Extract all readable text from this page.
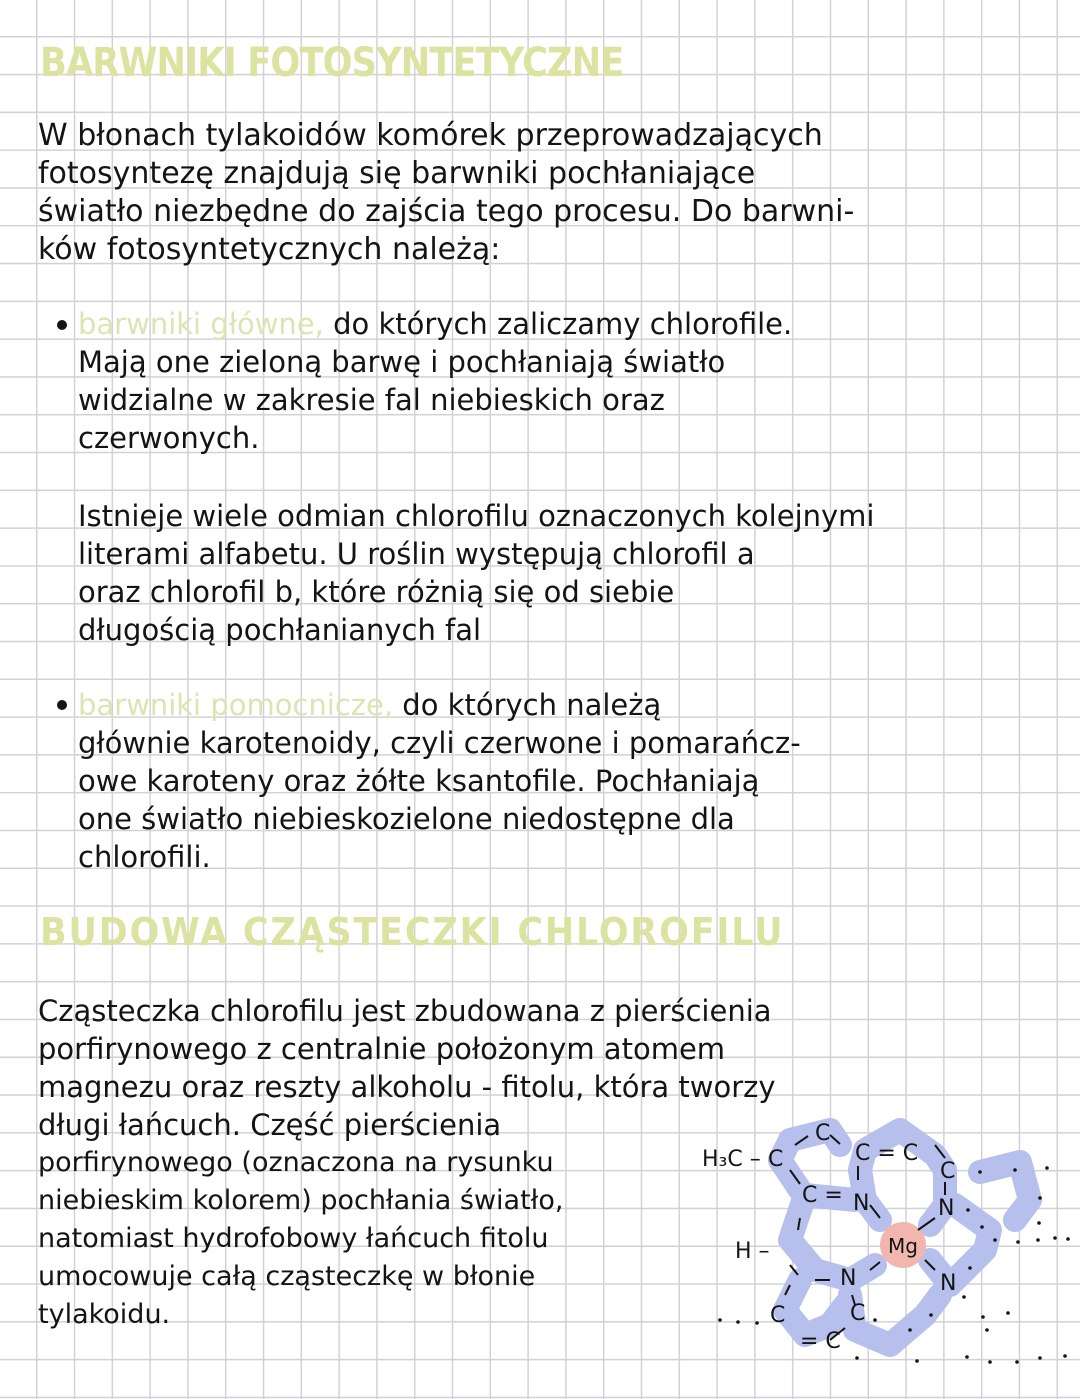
BARWNIKI FOTOSYNTETYCZNE
W błonach tylakoidów komórek przeprowadzających
fotosyntezę znajdują się barwniki pochłaniające
światło niezbędne do zajścia tego procesu. Do barwni-
ków fotosyntetycznych należą:
barwniki główne, do których zaliczamy chlorofile.
Mają one zieloną barwę i pochłaniają światło
widzialne w zakresie fal niebieskich oraz
czerwonych.
Istnieje wiele odmian chlorofilu oznaczonych kolejnymi
literami alfabetu. U roślin występują chlorofil a
oraz chlorofil b, które różnią się od siebie
długością pochłanianych fal
barwniki pomocnicze, do których należą
głównie karotenoidy, czyli czerwone i pomarańcz-
owe karoteny oraz żółte ksantofile. Pochłaniają
one światło niebieskozielone niedostępne dla
chlorofili.
BUDOWA CZĄSTECZKI CHLOROFILU
Cząsteczka chlorofilu jest zbudowana z pierścienia
porfirynowego z centralnie położonym atomem
magnezu oraz reszty alkoholu - fitolu, która tworzy
długi łańcuch. Część pierścienia
porfirynowego (oznaczona na rysunku
niebieskim kolorem) pochłania światło,
natomiast hydrofobowy łańcuch fitolu
umocowuje całą cząsteczkę w błonie
tylakoidu.
H₃C – C
C
C = C
C
C = N	N
H –	Mg
N	N
C	C
= C
